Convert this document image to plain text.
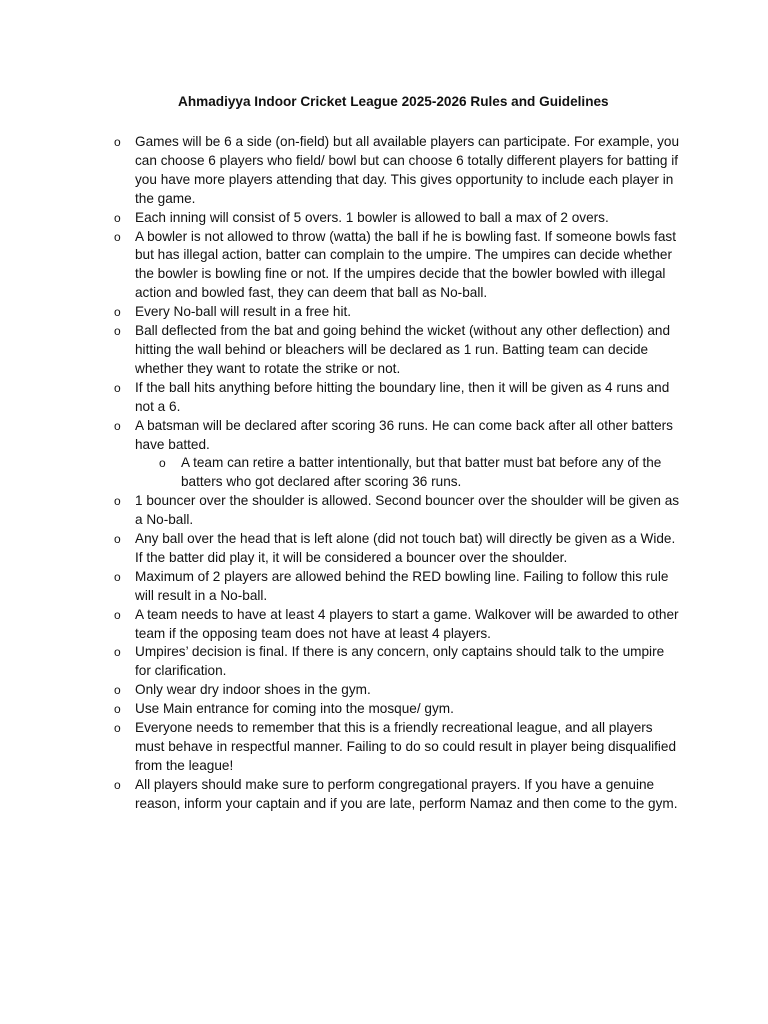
Ahmadiyya Indoor Cricket League 2025-2026 Rules and Guidelines
o Games will be 6 a side (on-field) but all available players can participate. For example, you can choose 6 players who field/ bowl but can choose 6 totally different players for batting if you have more players attending that day. This gives opportunity to include each player in the game.
o Each inning will consist of 5 overs. 1 bowler is allowed to ball a max of 2 overs.
o A bowler is not allowed to throw (watta) the ball if he is bowling fast. If someone bowls fast but has illegal action, batter can complain to the umpire. The umpires can decide whether the bowler is bowling fine or not. If the umpires decide that the bowler bowled with illegal action and bowled fast, they can deem that ball as No-ball.
o Every No-ball will result in a free hit.
o Ball deflected from the bat and going behind the wicket (without any other deflection) and hitting the wall behind or bleachers will be declared as 1 run. Batting team can decide whether they want to rotate the strike or not.
o If the ball hits anything before hitting the boundary line, then it will be given as 4 runs and not a 6.
o A batsman will be declared after scoring 36 runs. He can come back after all other batters have batted.
o A team can retire a batter intentionally, but that batter must bat before any of the batters who got declared after scoring 36 runs.
o 1 bouncer over the shoulder is allowed. Second bouncer over the shoulder will be given as a No-ball.
o Any ball over the head that is left alone (did not touch bat) will directly be given as a Wide. If the batter did play it, it will be considered a bouncer over the shoulder.
o Maximum of 2 players are allowed behind the RED bowling line. Failing to follow this rule will result in a No-ball.
o A team needs to have at least 4 players to start a game. Walkover will be awarded to other team if the opposing team does not have at least 4 players.
o Umpires’ decision is final. If there is any concern, only captains should talk to the umpire for clarification.
o Only wear dry indoor shoes in the gym.
o Use Main entrance for coming into the mosque/ gym.
o Everyone needs to remember that this is a friendly recreational league, and all players must behave in respectful manner. Failing to do so could result in player being disqualified from the league!
o All players should make sure to perform congregational prayers. If you have a genuine reason, inform your captain and if you are late, perform Namaz and then come to the gym.
